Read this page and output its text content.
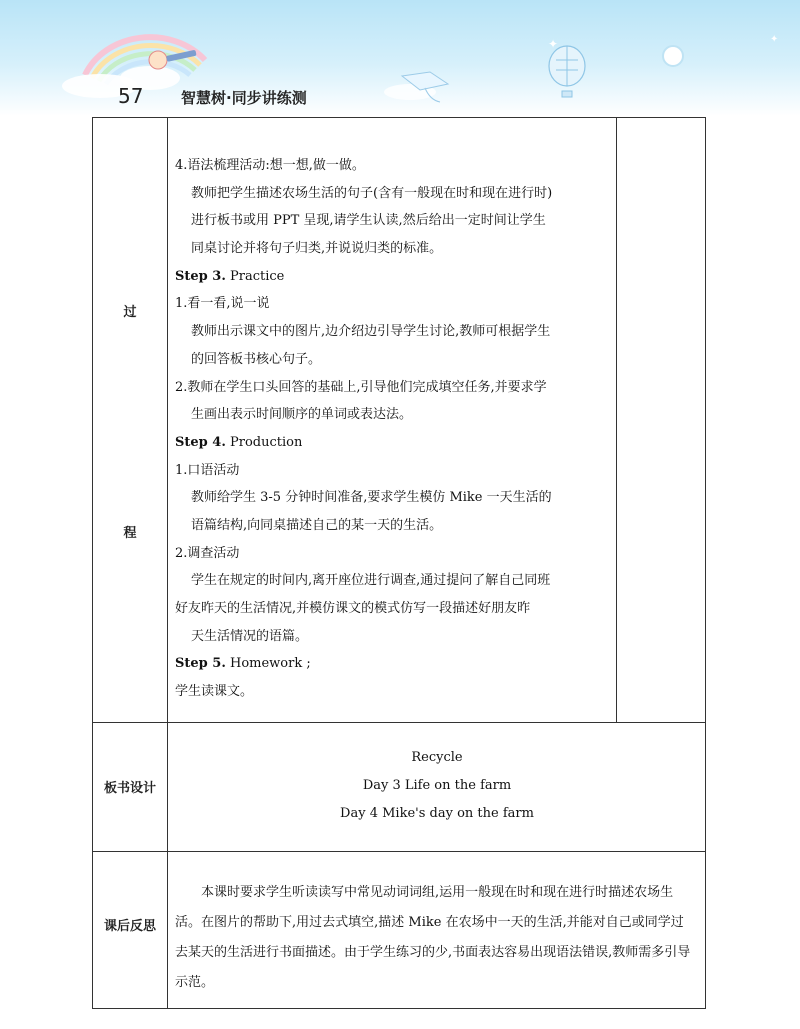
✦	✦
57	智慧树·同步讲练测
过
程
板书设计
课后反思
4.语法梳理活动:想一想,做一做。
教师把学生描述农场生活的句子(含有一般现在时和现在进行时)
进行板书或用 PPT 呈现,请学生认读,然后给出一定时间让学生
同桌讨论并将句子归类,并说说归类的标准。
Step 3. Practice
1.看一看,说一说
教师出示课文中的图片,边介绍边引导学生讨论,教师可根据学生
的回答板书核心句子。
2.教师在学生口头回答的基础上,引导他们完成填空任务,并要求学
生画出表示时间顺序的单词或表达法。
Step 4. Production
1.口语活动
教师给学生 3-5 分钟时间准备,要求学生模仿 Mike 一天生活的
语篇结构,向同桌描述自己的某一天的生活。
2.调查活动
学生在规定的时间内,离开座位进行调查,通过提问了解自己同班
好友昨天的生活情况,并模仿课文的模式仿写一段描述好朋友昨
天生活情况的语篇。
Step 5. Homework ;
学生读课文。
Recycle
Day 3 Life on the farm
Day 4 Mike's day on the farm
本课时要求学生听读读写中常见动词词组,运用一般现在时和现在进行时描述农场生活。在图片的帮助下,用过去式填空,描述 Mike 在农场中一天的生活,并能对自己或同学过去某天的生活进行书面描述。由于学生练习的少,书面表达容易出现语法错误,教师需多引导示范。
